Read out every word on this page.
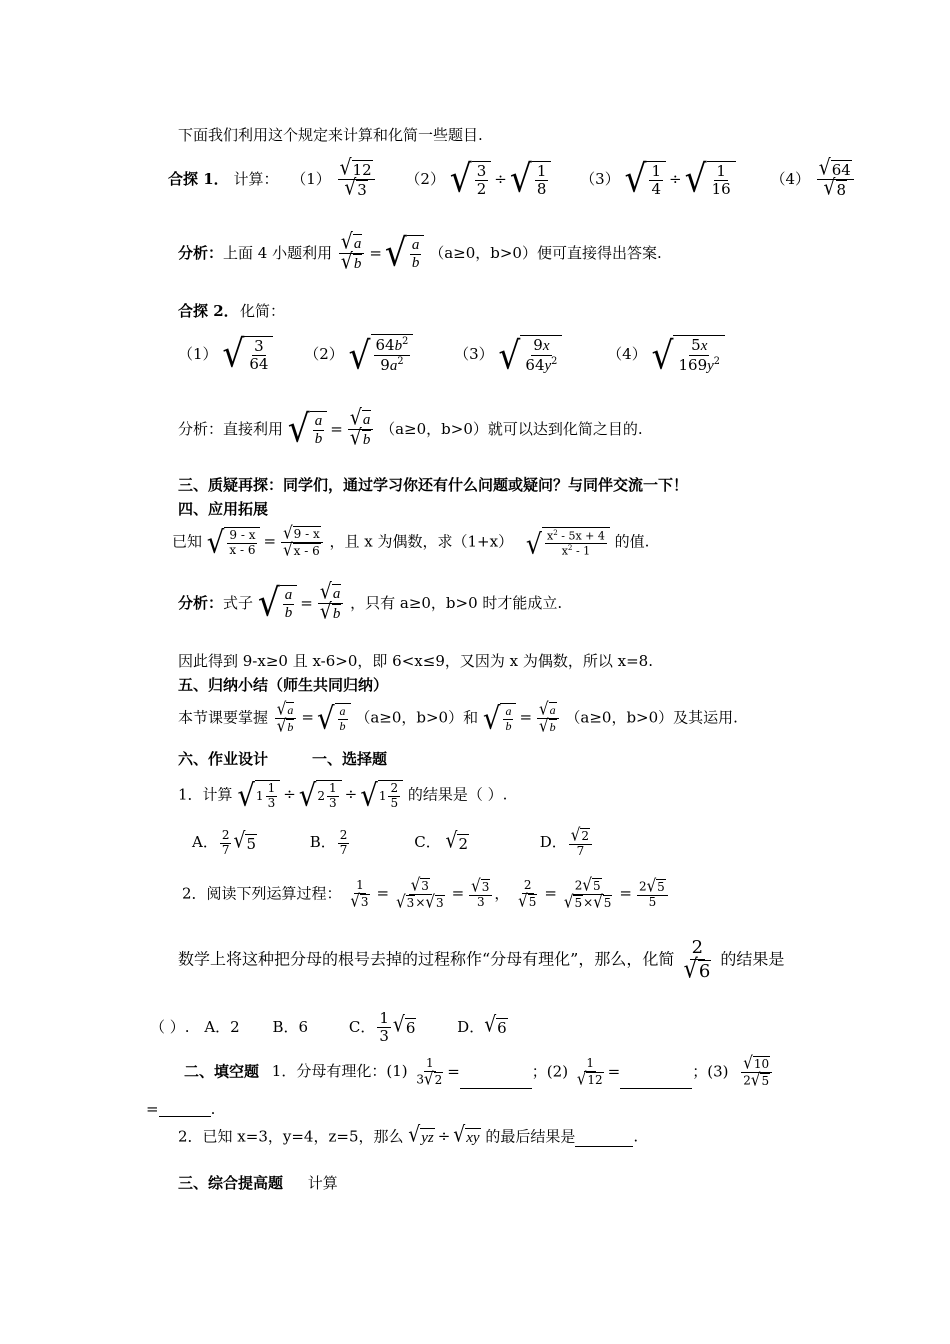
下面我们利用这个规定来计算和化简一些题目.
合探 1． 计算： $(1) \frac{√ 12}{√ 3} (2)$ √ $\frac{3}{2}$ ÷ √ $\frac{1}{8} (3)$ √ $\frac{1}{4}$ ÷ √ $\frac{1}{16}$	$(4) \frac{√ 64}{√ 8}$
分析：上面 4 小题利用 $\frac{√ a}{√ b}$ = √ $\frac{a}{b} (a\ge 0$，b>0）便可直接得出答案.
合探 2． 化简：
（1） √ $\frac{3}{64} (2)$ √ $\frac{64b^2}{9a^2}$	（3） √ $\frac{9x}{64y^2}$	（4） √ $\frac{5x}{169y^2}$
分析：直接利用 √ $\frac{a}{b} = \frac{√ a}{√ b} (a\ge 0$，b>0）就可以达到化简之目的.
三、质疑再探：同学们，通过学习你还有什么问题或疑问？与同伴交流一下！
四、应用拓展
已知 √ $\frac{9 - x}{x - 6} = \frac{√ 9 - x}{√ x - 6}$ ，且 x 为偶数，求（1+x） √ $\frac{x^2 - 5x + 4}{x^2 - 1}$ 的值.
分析：式子 √ $\frac{a}{b} = \frac{√ a}{√ b}$ ，只有 a≥0，b>0 时才能成立.
因此得到 9-x≥0 且 x-6>0，即 6<x≤9，又因为 x 为偶数，所以 x=8.
五、归纳小结（师生共同归纳）
本节课要掌握 $\frac{√ a}{√ b}$ = √ $\frac{a}{b} (a\ge 0$，b>0）和 √ $\frac{a}{b} = \frac{√ a}{√ b} (a\ge 0$，b>0）及其运用.
六、作业设计	一、选择题
1．计算 √ $1 \frac{1}{3}$ ÷ √ $2 \frac{1}{3}$ ÷ √ $1 \frac{2}{5}$ 的结果是（ ）.
A． $\frac{2}{7}$ √ 5	B． $\frac{2}{7}$	C． √ 2	D． $\frac{√ 2}{7}$
2．阅读下列运算过程： $\frac{1}{√ 3} = \frac{√ 3}{√ 3 \times √ 3} = \frac{√ 3}{3}$ ， $\frac{2}{√ 5} = \frac{2 √ 5}{√ 5 \times √ 5} = \frac{2 √ 5}{5}$
数学上将这种把分母的根号去掉的过程称作“分母有理化”，那么，化简 $\frac{2}{√ 6}$ 的结果是
（ ）. A．2 B．6	C． $\frac{1}{3}$ √ 6	D． √ 6
二、填空题 1．分母有理化：$(1) \frac{1}{3 √ 2}$ =	；$(2) \frac{1}{√ 12}$ =	；$(3) \frac{√ 10}{2 √ 5}$
=	.
2．已知 x=3，y=4，z=5，那么 √ yz ÷ √ xy 的最后结果是	.
三、综合提高题 计算
